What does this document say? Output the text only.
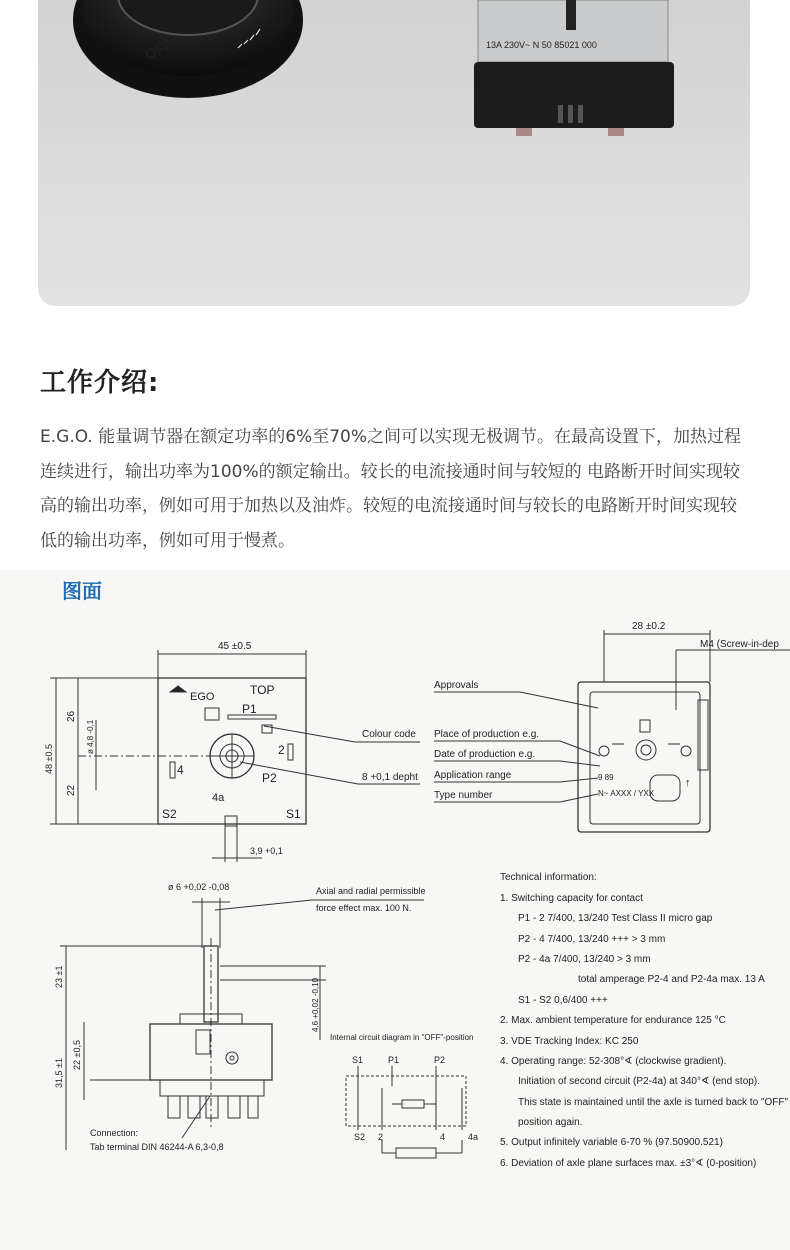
OFF	13A 230V~ N 50 85021 000
工作介绍:

E.G.O. 能量调节器在额定功率的6%至70%之间可以实现无极调节。在最高设置下，加热过程连续进行，输出功率为100%的额定输出。较长的电流接通时间与较短的 电路断开时间实现较高的输出功率，例如可用于加热以及油炸。较短的电流接通时间与较长的电路断开时间实现较低的输出功率，例如可用于慢煮。

图面
45 ±0.5
48 ±0.5
26
22
ø 4,8 -0,1
EGO	TOP
P1
2
4
P2
4a
S2	S1
3,9 +0,1
Colour code
8 +0,1 depht
28 ±0.2
M4 (Screw-in-dep
9 89
N~ AXXX / YXX
↑
Approvals
Place of production e.g.
Date of production e.g.
Application range
Type number
ø 6 +0,02 -0,08	Axial and radial permissible
force effect max. 100 N.
23 ±1
31,5 ±1
22 ±0,5
4,6 +0,02 -0,10
Connection:
Tab terminal DIN 46244-A 6,3-0,8
Internal circuit diagram in "OFF"-position
S1	P1	P2
S2 2	4	4a
Technical information:
1. Switching capacity for contact
P1 - 2 7/400, 13/240 Test Class II micro gap
P2 - 4 7/400, 13/240 +++ > 3 mm
P2 - 4a 7/400, 13/240 > 3 mm
total amperage P2-4 and P2-4a max. 13 A
S1 - S2 0,6/400 +++
2. Max. ambient temperature for endurance 125 °C
3. VDE Tracking Index: KC 250
4. Operating range: 52-308°∢ (clockwise gradient).
Initiation of second circuit (P2-4a) at 340°∢ (end stop).
This state is maintained until the axle is turned back to "OFF"
position again.
5. Output infinitely variable 6-70 % (97.50900.521)
6. Deviation of axle plane surfaces max. ±3°∢ (0-position)
